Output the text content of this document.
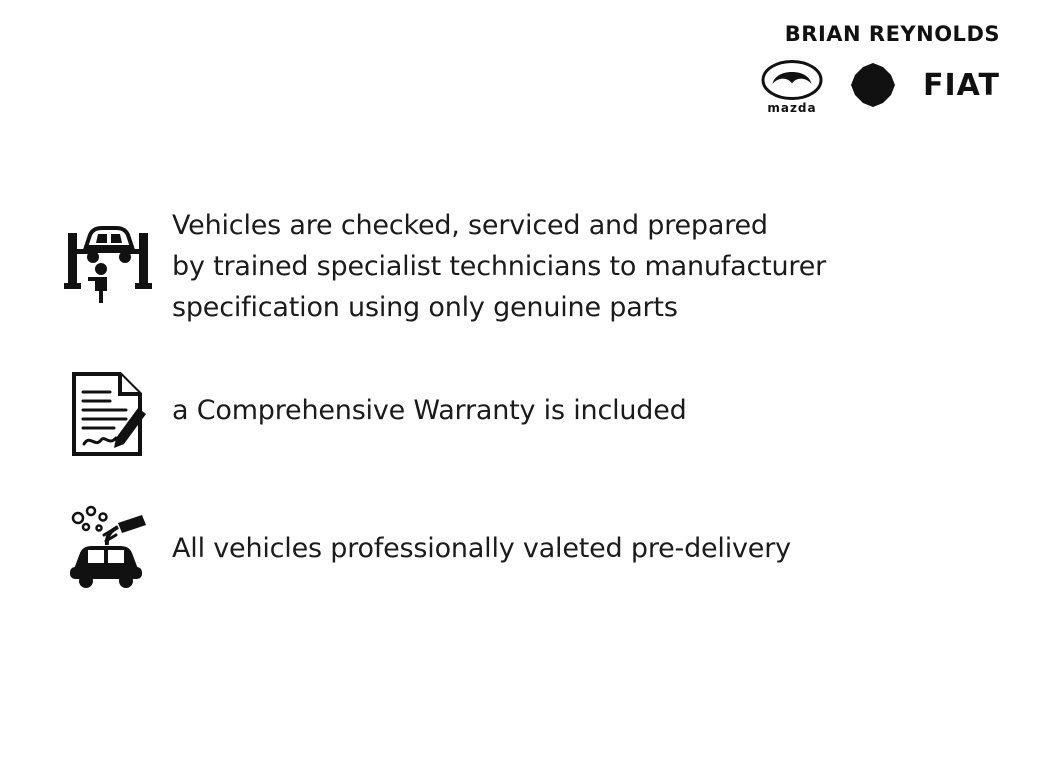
BRIAN REYNOLDS
mazda
MG FIAT
Vehicles are checked, serviced and prepared
by trained specialist technicians to manufacturer
specification using only genuine parts
a Comprehensive Warranty is included
All vehicles professionally valeted pre-delivery
